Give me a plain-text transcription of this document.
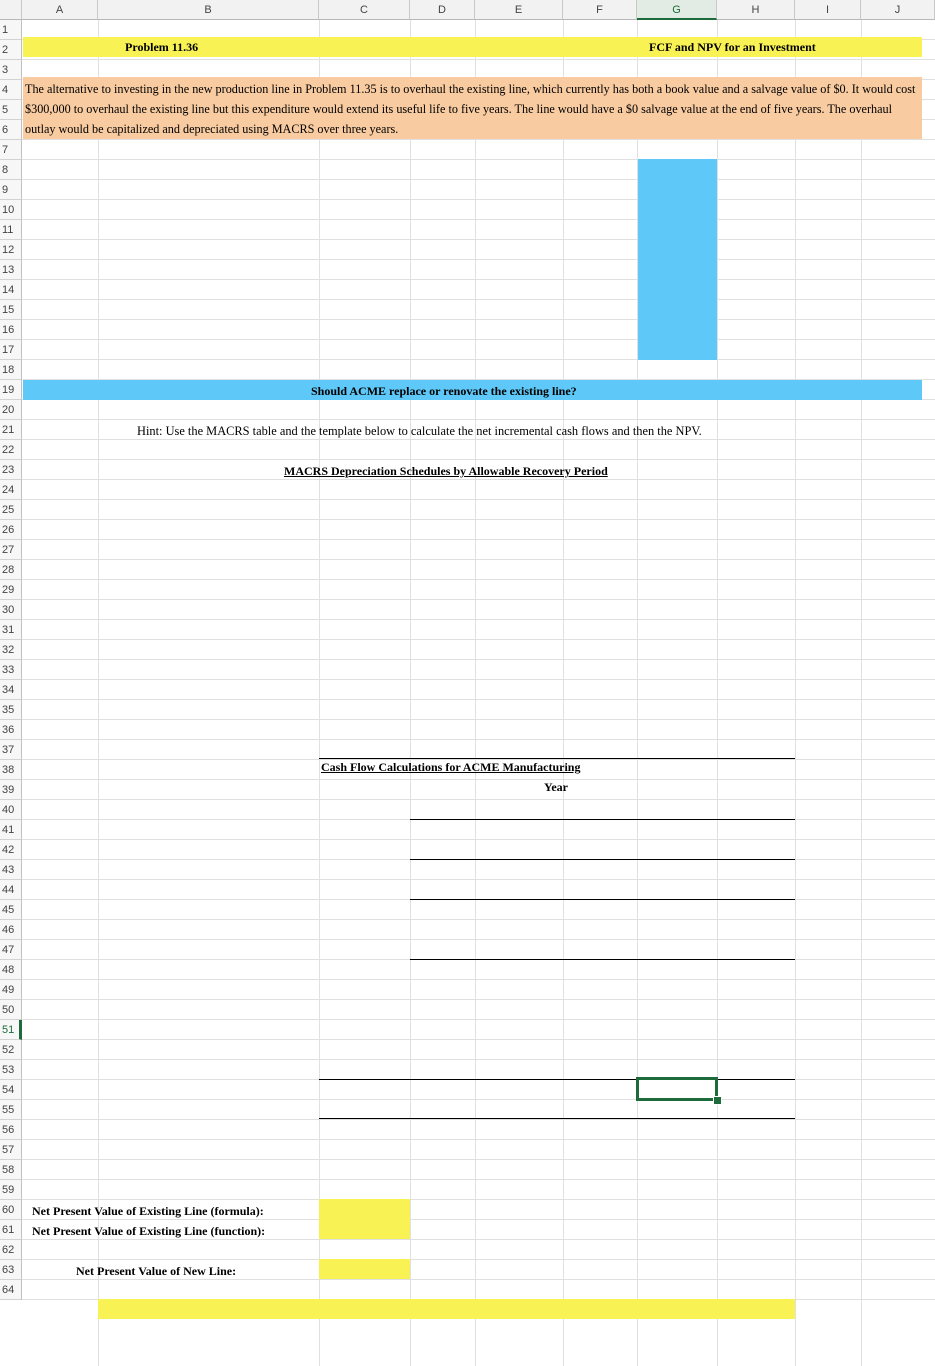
Problem 11.36	FCF and NPV for an Investment
The alternative to investing in the new production line in Problem 11.35 is to overhaul the existing line, which currently has both a book value and a salvage value of $0. It would cost $300,000 to overhaul the existing line but this expenditure would extend its useful life to five years. The line would have a $0 salvage value at the end of five years. The overhaul outlay would be capitalized and depreciated using MACRS over three years.
Should ACME replace or renovate the existing line?
Hint: Use the MACRS table and the template below to calculate the net incremental cash flows and then the NPV.
MACRS Depreciation Schedules by Allowable Recovery Period
Cash Flow Calculations for ACME Manufacturing
Year
Net Present Value of Existing Line (formula):
Net Present Value of Existing Line (function):
Net Present Value of New Line:
A	B	C	D	E	F	G	H	I	J
1
2
3
4
5
6
7
8
9
10
11
12
13
14
15
16
17
18
19
20
21
22
23
24
25
26
27
28
29
30
31
32
33
34
35
36
37
38
39
40
41
42
43
44
45
46
47
48
49
50
51
52
53
54
55
56
57
58
59
60
61
62
63
64
